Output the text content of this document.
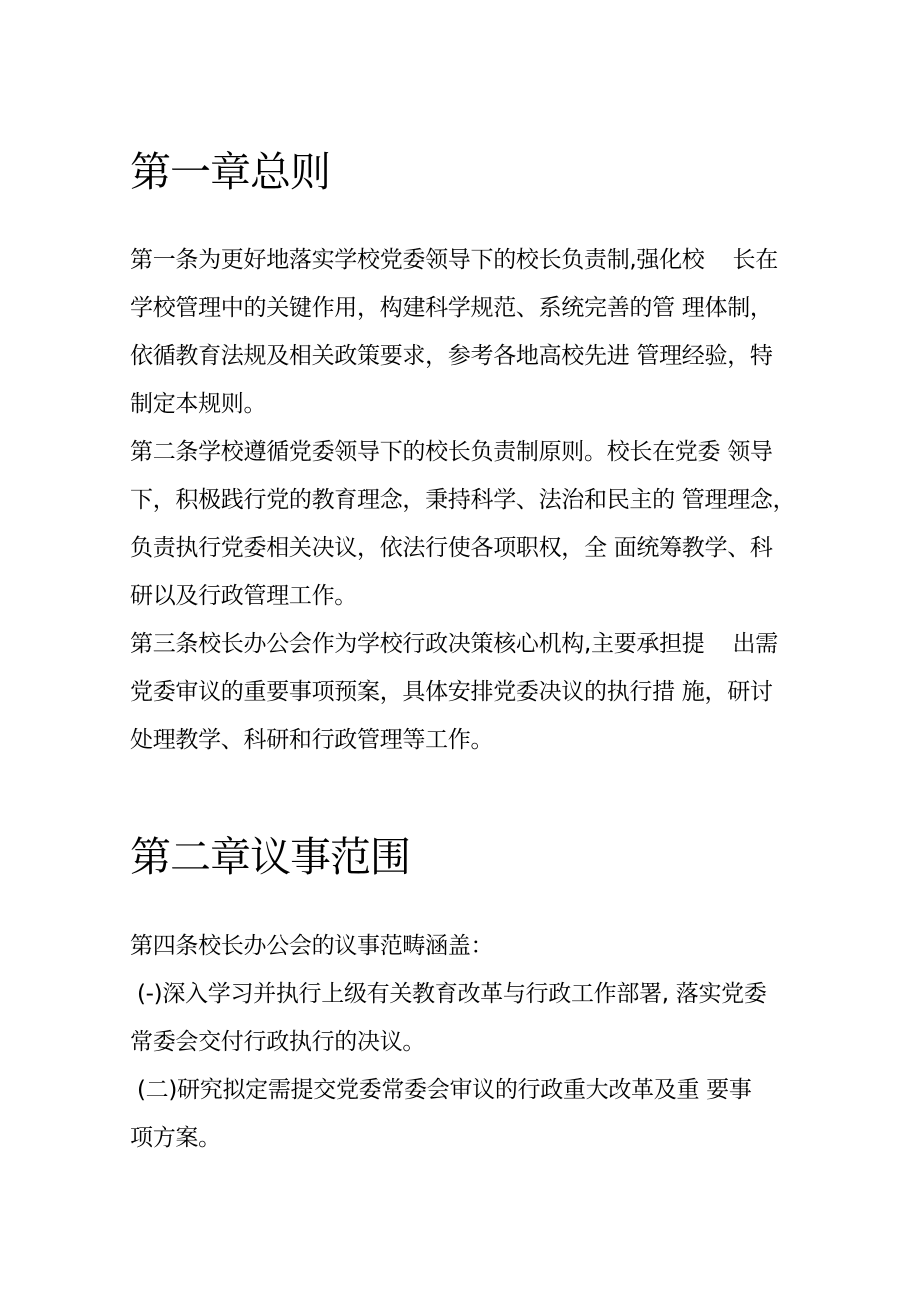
第一章总则

第一条为更好地落实学校党委领导下的校长负责制,强化校    长在

学校管理中的关键作用，构建科学规范、系统完善的管 理体制，

依循教育法规及相关政策要求，参考各地高校先进 管理经验，特

制定本规则。

第二条学校遵循党委领导下的校长负责制原则。校长在党委 领导

下，积极践行党的教育理念，秉持科学、法治和民主的 管理理念，

负责执行党委相关决议，依法行使各项职权，全 面统筹教学、科

研以及行政管理工作。

第三条校长办公会作为学校行政决策核心机构,主要承担提    出需

党委审议的重要事项预案，具体安排党委决议的执行措 施，研讨

处理教学、科研和行政管理等工作。

第二章议事范围

第四条校长办公会的议事范畴涵盖：

(-)深入学习并执行上级有关教育改革与行政工作部署, 落实党委

常委会交付行政执行的决议。

(二)研究拟定需提交党委常委会审议的行政重大改革及重 要事

项方案。
